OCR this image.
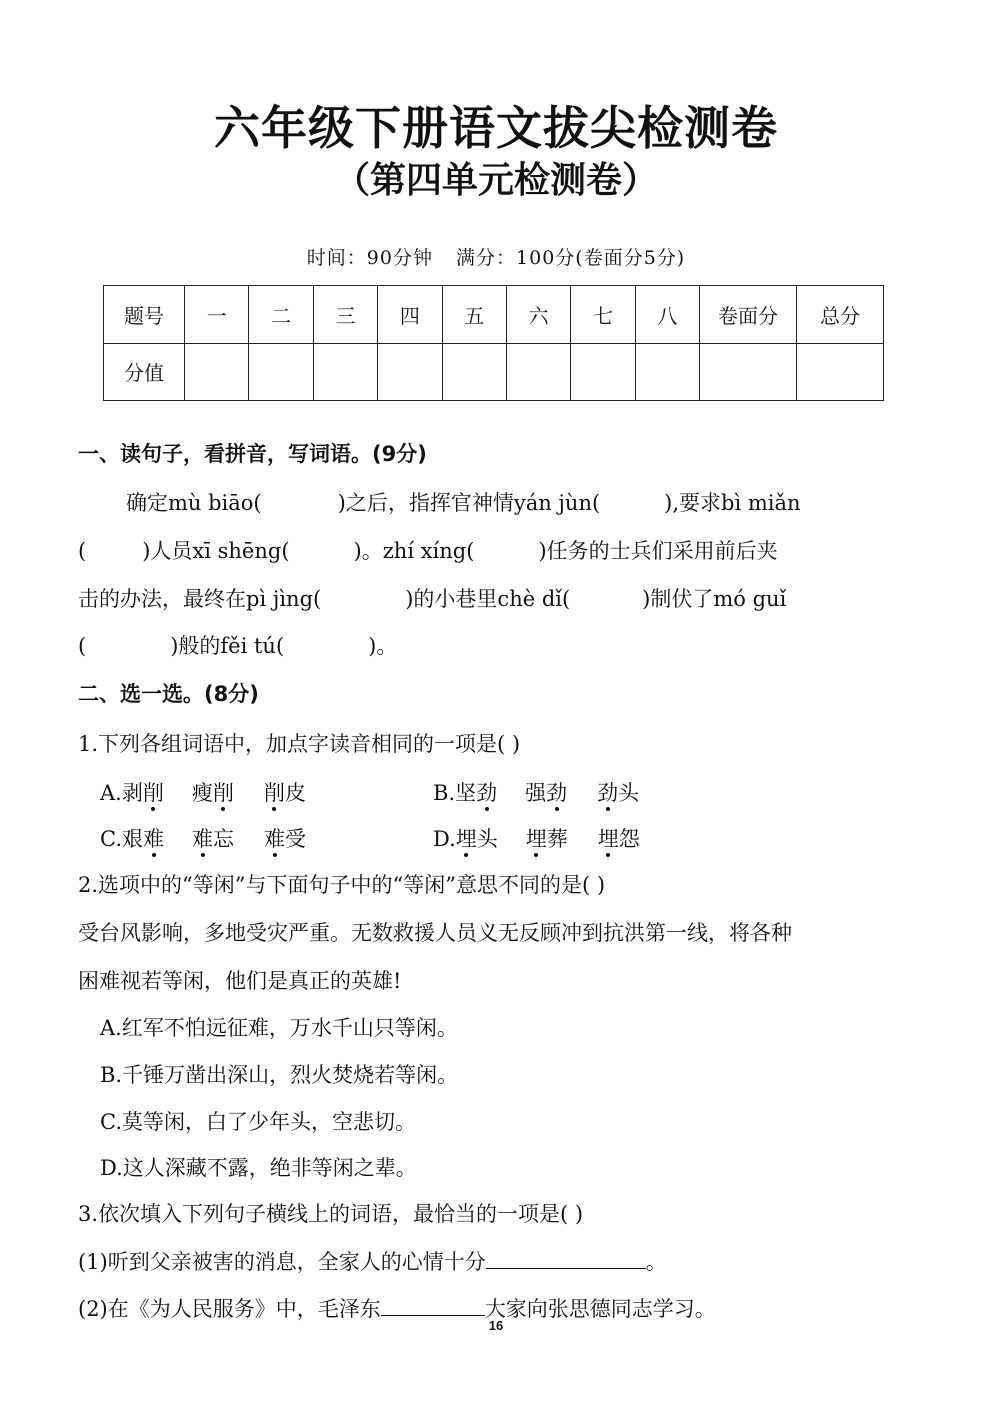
六年级下册语文拔尖检测卷
（第四单元检测卷）
时间：90分钟 满分：100分(卷面分5分)
题号	一	二	三	四	五	六	七	八	卷面分	总分
分值										
一、读句子，看拼音，写词语。(9分)
确定mù biāo(	)之后，指挥官神情yán jùn(	),要求bì miǎn
(	)人员xī shēng(	)。zhí xíng(	)任务的士兵们采用前后夹
击的办法，最终在pì jìng(	)的小巷里chè dǐ(	)制伏了mó guǐ
(	)般的fěi tú(	)。
二、选一选。(8分)
1.下列各组词语中，加点字读音相同的一项是( )
A.剥削 瘦削 削皮	B.坚劲 强劲 劲头
C.艰难 难忘 难受	D.埋头 埋葬 埋怨
2.选项中的“等闲”与下面句子中的“等闲”意思不同的是( )
受台风影响，多地受灾严重。无数救援人员义无反顾冲到抗洪第一线，将各种
困难视若等闲，他们是真正的英雄!
A.红军不怕远征难，万水千山只等闲。
B.千锤万凿出深山，烈火焚烧若等闲。
C.莫等闲，白了少年头，空悲切。
D.这人深藏不露，绝非等闲之辈。
3.依次填入下列句子横线上的词语，最恰当的一项是( )
(1)听到父亲被害的消息，全家人的心情十分	。
(2)在《为人民服务》中，毛泽东	大家向张思德同志学习。
16
